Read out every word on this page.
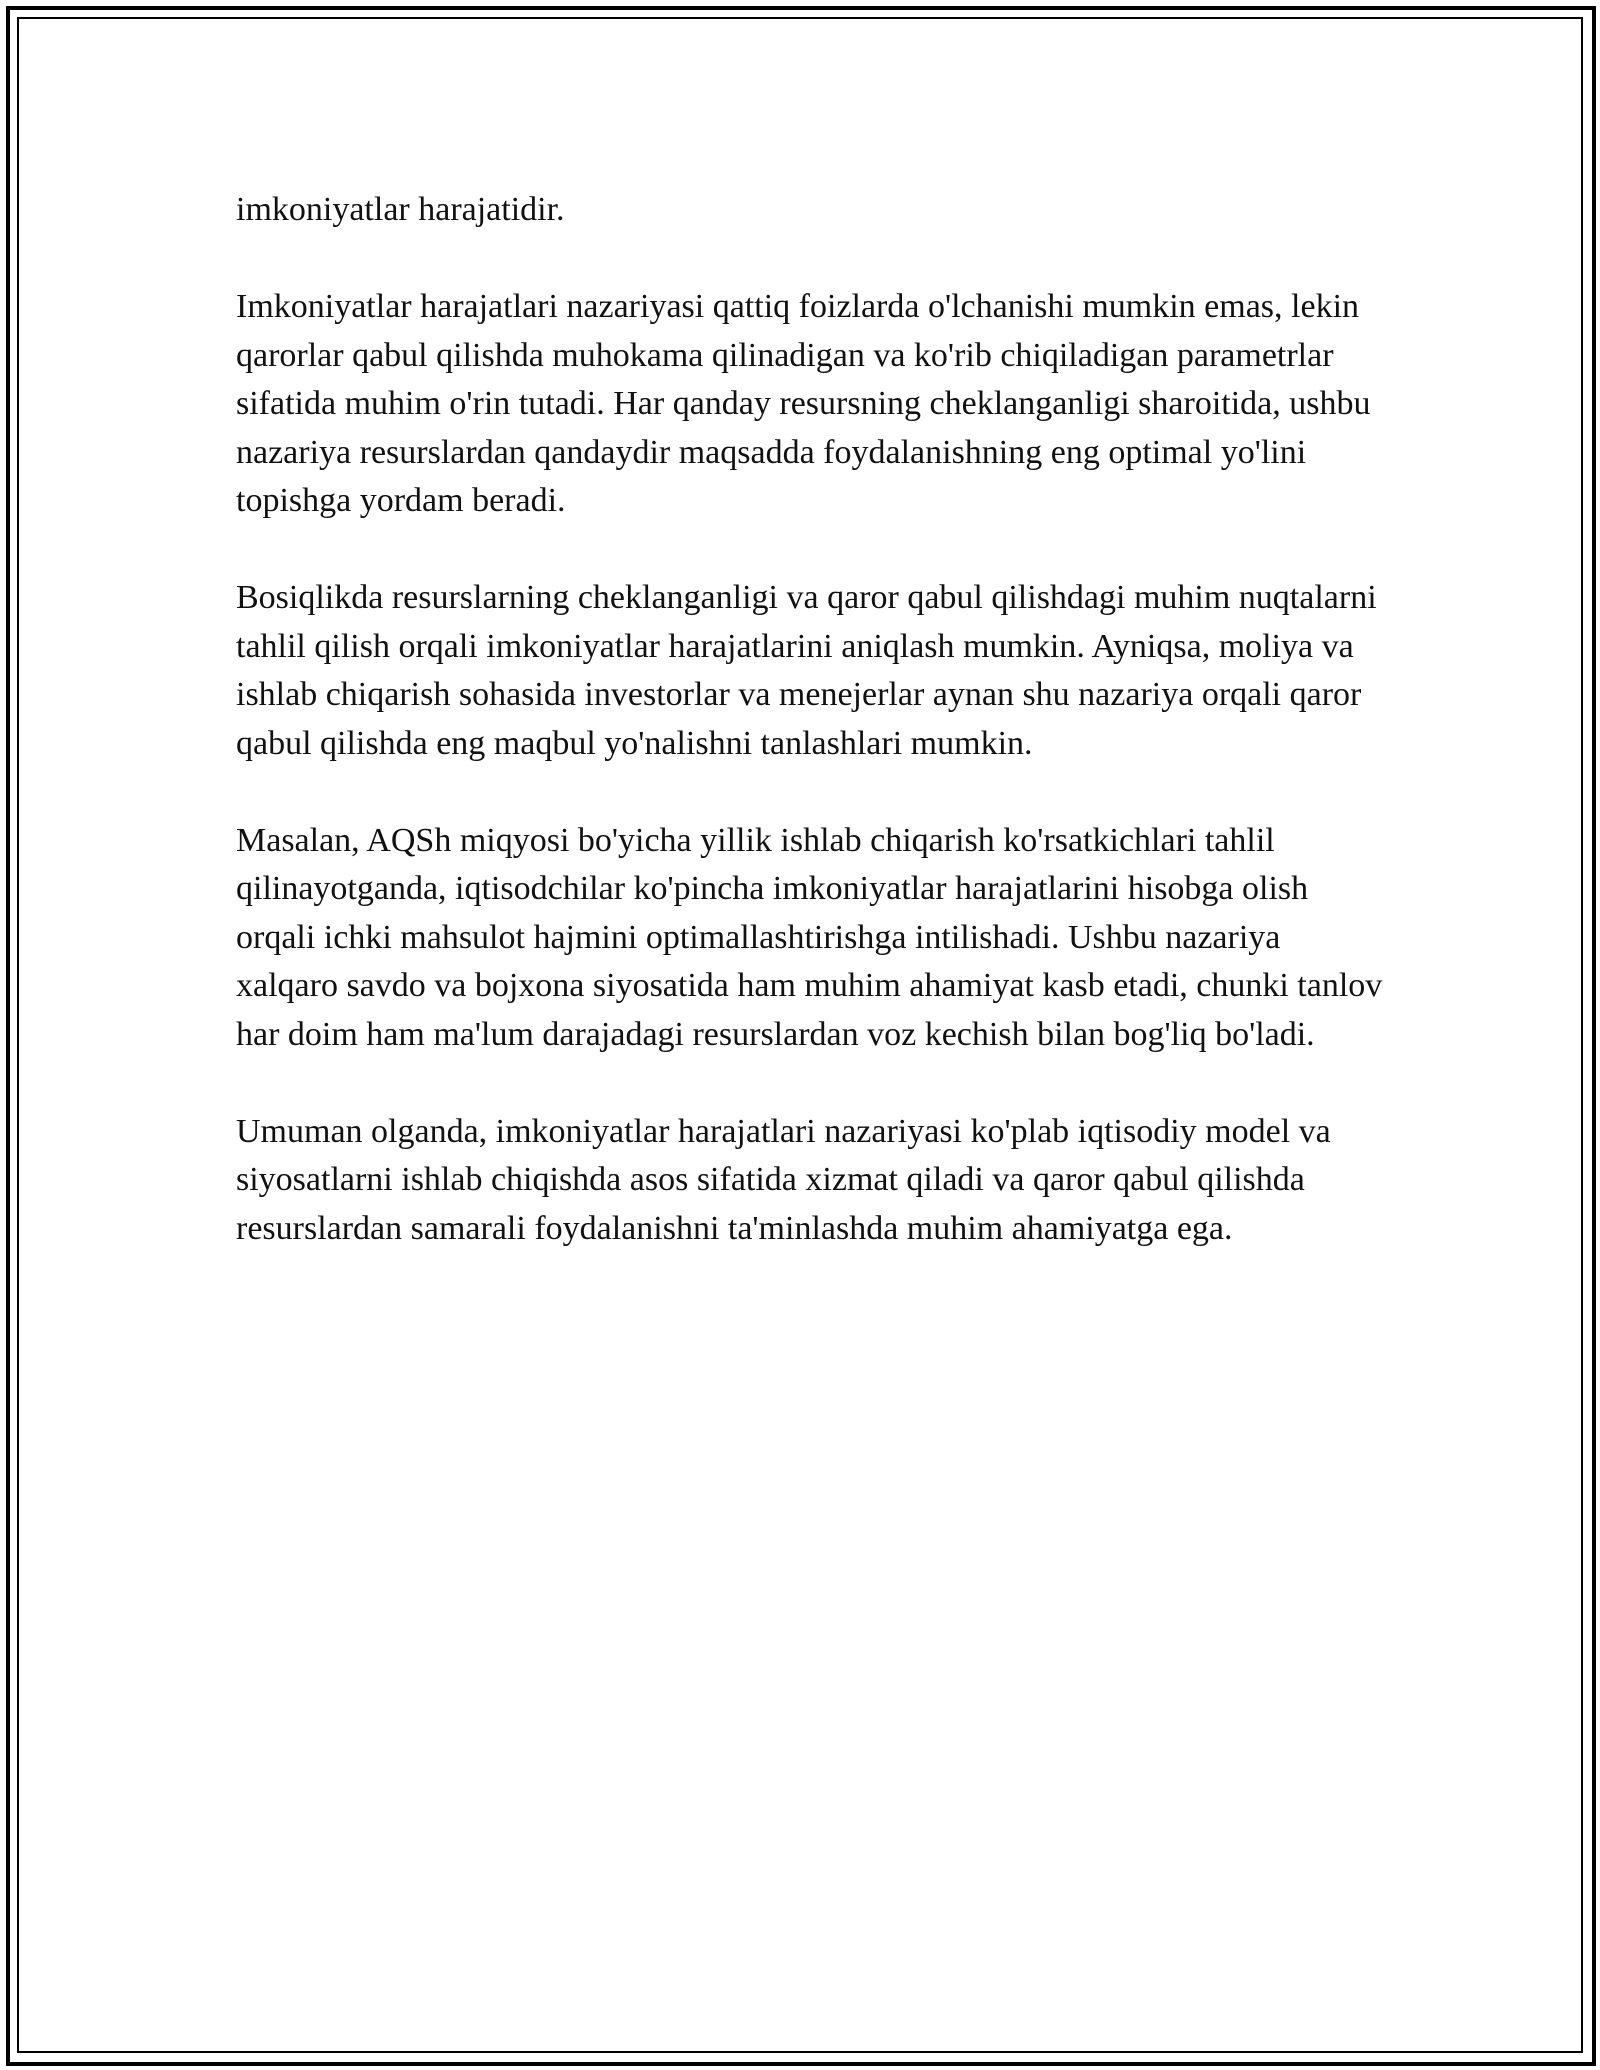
imkoniyatlar harajatidir.

Imkoniyatlar harajatlari nazariyasi qattiq foizlarda o'lchanishi mumkin emas, lekin qarorlar qabul qilishda muhokama qilinadigan va ko'rib chiqiladigan parametrlar sifatida muhim o'rin tutadi. Har qanday resursning cheklanganligi sharoitida, ushbu nazariya resurslardan qandaydir maqsadda foydalanishning eng optimal yo'lini topishga yordam beradi.

Bosiqlikda resurslarning cheklanganligi va qaror qabul qilishdagi muhim nuqtalarni tahlil qilish orqali imkoniyatlar harajatlarini aniqlash mumkin. Ayniqsa, moliya va ishlab chiqarish sohasida investorlar va menejerlar aynan shu nazariya orqali qaror qabul qilishda eng maqbul yo'nalishni tanlashlari mumkin.

Masalan, AQSh miqyosi bo'yicha yillik ishlab chiqarish ko'rsatkichlari tahlil qilinayotganda, iqtisodchilar ko'pincha imkoniyatlar harajatlarini hisobga olish orqali ichki mahsulot hajmini optimallashtirishga intilishadi. Ushbu nazariya xalqaro savdo va bojxona siyosatida ham muhim ahamiyat kasb etadi, chunki tanlov har doim ham ma'lum darajadagi resurslardan voz kechish bilan bog'liq bo'ladi.

Umuman olganda, imkoniyatlar harajatlari nazariyasi ko'plab iqtisodiy model va siyosatlarni ishlab chiqishda asos sifatida xizmat qiladi va qaror qabul qilishda resurslardan samarali foydalanishni ta'minlashda muhim ahamiyatga ega.
